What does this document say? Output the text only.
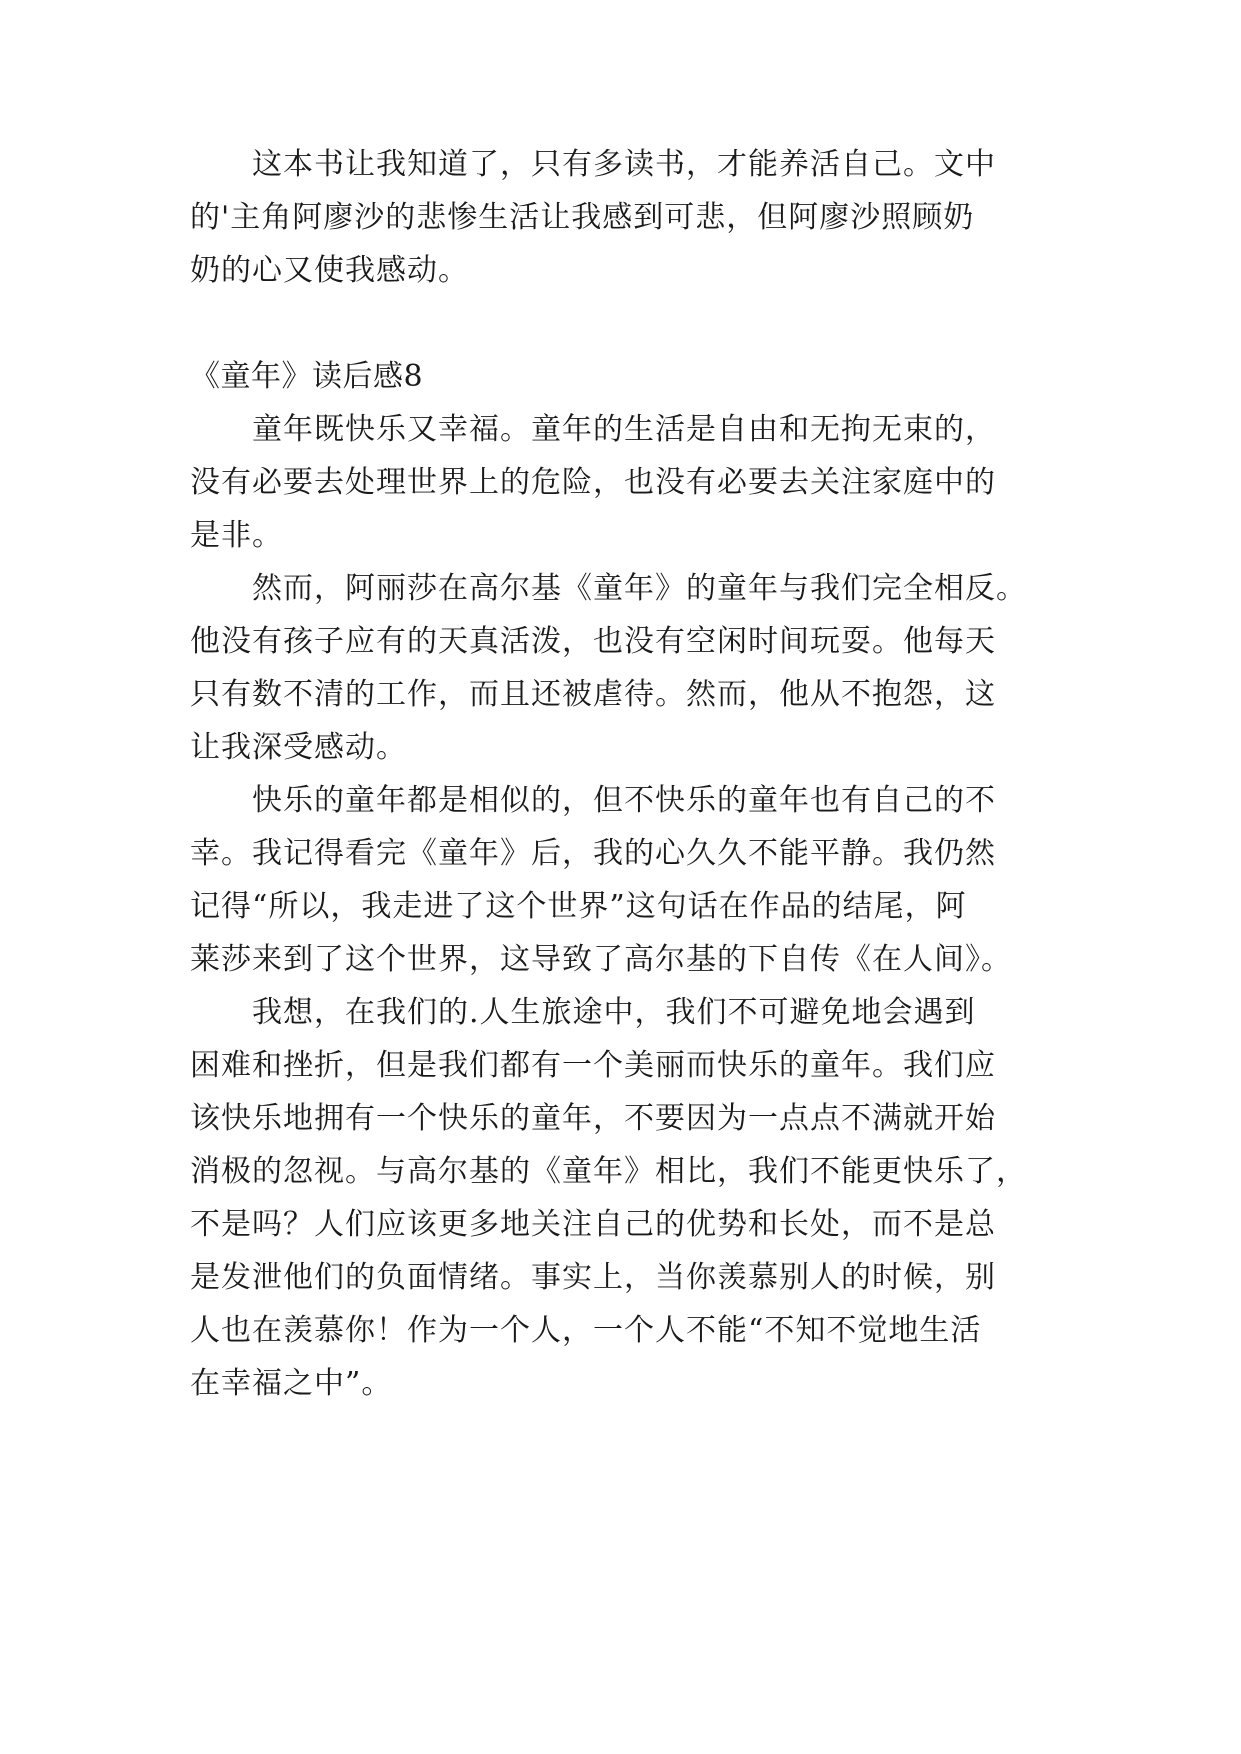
　　这本书让我知道了，只有多读书，才能养活自己。文中
的'主角阿廖沙的悲惨生活让我感到可悲，但阿廖沙照顾奶
奶的心又使我感动。
《童年》读后感8
　　童年既快乐又幸福。童年的生活是自由和无拘无束的，
没有必要去处理世界上的危险，也没有必要去关注家庭中的
是非。
　　然而，阿丽莎在高尔基《童年》的童年与我们完全相反。
他没有孩子应有的天真活泼，也没有空闲时间玩耍。他每天
只有数不清的工作，而且还被虐待。然而，他从不抱怨，这
让我深受感动。
　　快乐的童年都是相似的，但不快乐的童年也有自己的不
幸。我记得看完《童年》后，我的心久久不能平静。我仍然
记得“所以，我走进了这个世界”这句话在作品的结尾，阿
莱莎来到了这个世界，这导致了高尔基的下自传《在人间》。
　　我想，在我们的.人生旅途中，我们不可避免地会遇到
困难和挫折，但是我们都有一个美丽而快乐的童年。我们应
该快乐地拥有一个快乐的童年，不要因为一点点不满就开始
消极的忽视。与高尔基的《童年》相比，我们不能更快乐了，
不是吗？人们应该更多地关注自己的优势和长处，而不是总
是发泄他们的负面情绪。事实上，当你羡慕别人的时候，别
人也在羡慕你！作为一个人，一个人不能“不知不觉地生活
在幸福之中”。
